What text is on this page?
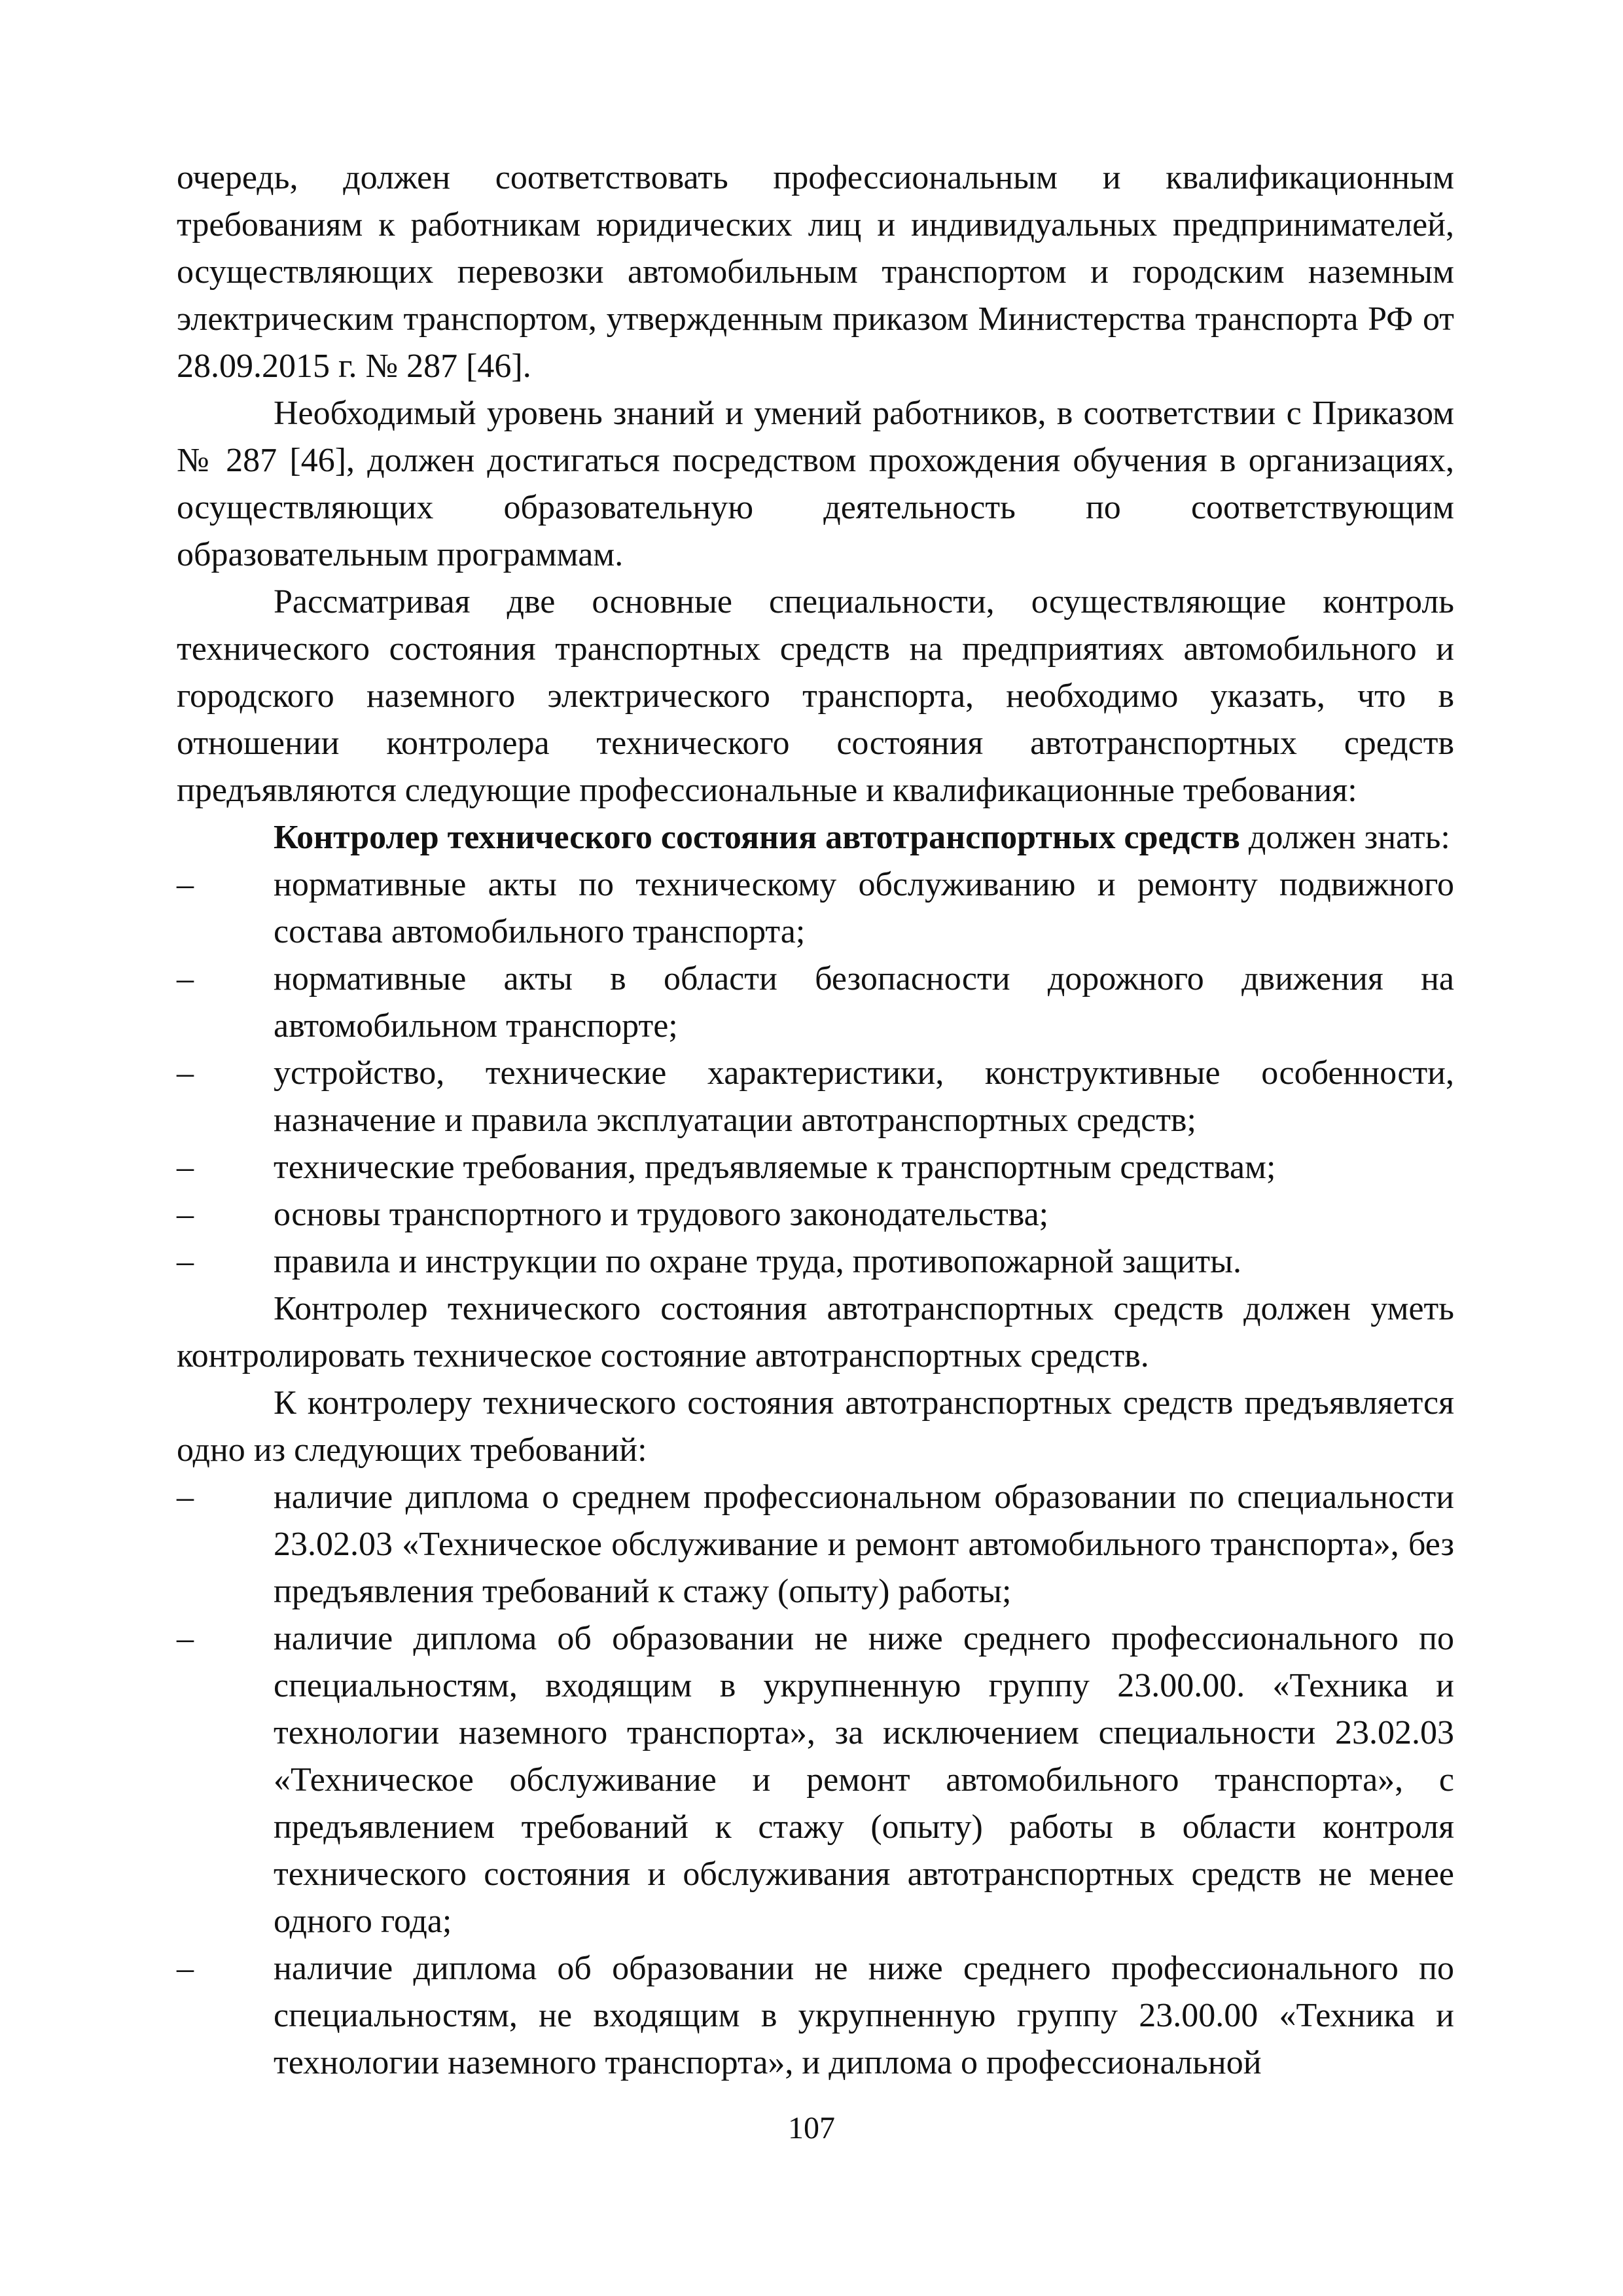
очередь, должен соответствовать профессиональным и квалификационным требованиям к работникам юридических лиц и индивидуальных предпринимателей, осуществляющих перевозки автомобильным транспортом и городским наземным электрическим транспортом, утвержденным приказом Министерства транспорта РФ от 28.09.2015 г. № 287 [46].

Необходимый уровень знаний и умений работников, в соответствии с Приказом № 287 [46], должен достигаться посредством прохождения обучения в организациях, осуществляющих образовательную деятельность по соответствующим образовательным программам.

Рассматривая две основные специальности, осуществляющие контроль технического состояния транспортных средств на предприятиях автомобильного и городского наземного электрического транспорта, необходимо указать, что в отношении контролера технического состояния автотранспортных средств предъявляются следующие профессиональные и квалификационные требования:

Контролер технического состояния автотранспортных средств должен знать:

– нормативные акты по техническому обслуживанию и ремонту подвижного состава автомобильного транспорта;
– нормативные акты в области безопасности дорожного движения на автомобильном транспорте;
– устройство, технические характеристики, конструктивные особенности, назначение и правила эксплуатации автотранспортных средств;
– технические требования, предъявляемые к транспортным средствам;
– основы транспортного и трудового законодательства;
– правила и инструкции по охране труда, противопожарной защиты.

Контролер технического состояния автотранспортных средств должен уметь контролировать техническое состояние автотранспортных средств.

К контролеру технического состояния автотранспортных средств предъявляется одно из следующих требований:

– наличие диплома о среднем профессиональном образовании по специальности 23.02.03 «Техническое обслуживание и ремонт автомобильного транспорта», без предъявления требований к стажу (опыту) работы;
– наличие диплома об образовании не ниже среднего профессионального по специальностям, входящим в укрупненную группу 23.00.00. «Техника и технологии наземного транспорта», за исключением специальности 23.02.03 «Техническое обслуживание и ремонт автомобильного транспорта», с предъявлением требований к стажу (опыту) работы в области контроля технического состояния и обслуживания автотранспортных средств не менее одного года;
– наличие диплома об образовании не ниже среднего профессионального по специальностям, не входящим в укрупненную группу 23.00.00 «Техника и технологии наземного транспорта», и диплома о профессиональной
107
